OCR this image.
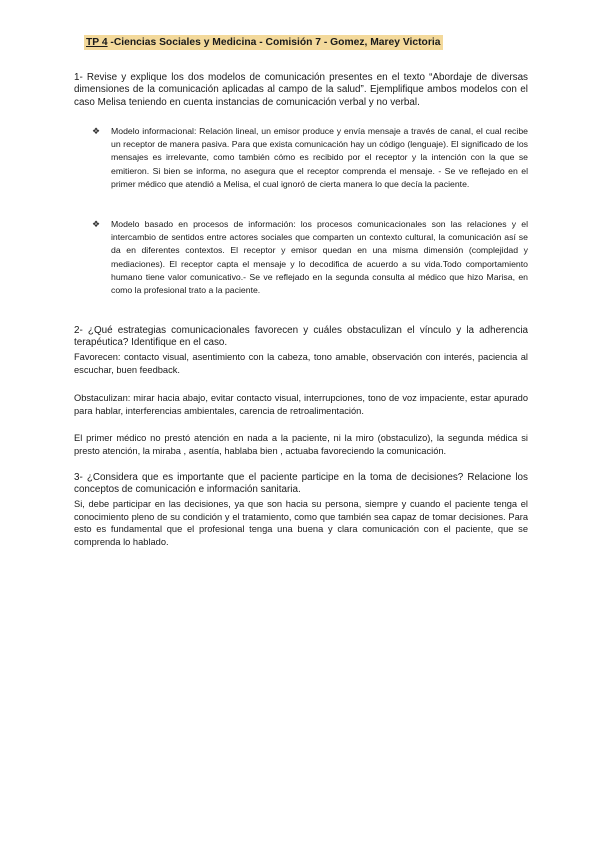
TP 4 -Ciencias Sociales y Medicina - Comisión 7 - Gomez, Marey Victoria

1- Revise y explique los dos modelos de comunicación presentes en el texto “Abordaje de diversas dimensiones de la comunicación aplicadas al campo de la salud”. Ejemplifique ambos modelos con el caso Melisa teniendo en cuenta instancias de comunicación verbal y no verbal.

❖	Modelo informacional: Relación lineal, un emisor produce y envía mensaje a través de canal, el cual recibe un receptor de manera pasiva. Para que exista comunicación hay un código (lenguaje). El significado de los mensajes es irrelevante, como también cómo es recibido por el receptor y la intención con la que se emitieron. Si bien se informa, no asegura que el receptor comprenda el mensaje. - Se ve reflejado en el primer médico que atendió a Melisa, el cual ignoró de cierta manera lo que decía la paciente.
❖	Modelo basado en procesos de información: los procesos comunicacionales son las relaciones y el intercambio de sentidos entre actores sociales que comparten un contexto cultural, la comunicación así se da en diferentes contextos. El receptor y emisor quedan en una misma dimensión (complejidad y mediaciones). El receptor capta el mensaje y lo decodifica de acuerdo a su vida.Todo comportamiento humano tiene valor comunicativo.- Se ve reflejado en la segunda consulta al médico que hizo Marisa, en como la profesional trato a la paciente.

2- ¿Qué estrategias comunicacionales favorecen y cuáles obstaculizan el vínculo y la adherencia terapéutica? Identifique en el caso.

Favorecen: contacto visual, asentimiento con la cabeza, tono amable, observación con interés, paciencia al escuchar, buen feedback.

Obstaculizan: mirar hacia abajo, evitar contacto visual, interrupciones, tono de voz impaciente, estar apurado para hablar, interferencias ambientales, carencia de retroalimentación.

El primer médico no prestó atención en nada a la paciente, ni la miro (obstaculizo), la segunda médica si presto atención, la miraba , asentía, hablaba bien , actuaba favoreciendo la comunicación.

3- ¿Considera que es importante que el paciente participe en la toma de decisiones? Relacione los conceptos de comunicación e información sanitaria.

Si, debe participar en las decisiones, ya que son hacia su persona, siempre y cuando el paciente tenga el conocimiento pleno de su condición y el tratamiento, como que también sea capaz de tomar decisiones. Para esto es fundamental que el profesional tenga una buena y clara comunicación con el paciente, que se comprenda lo hablado.
